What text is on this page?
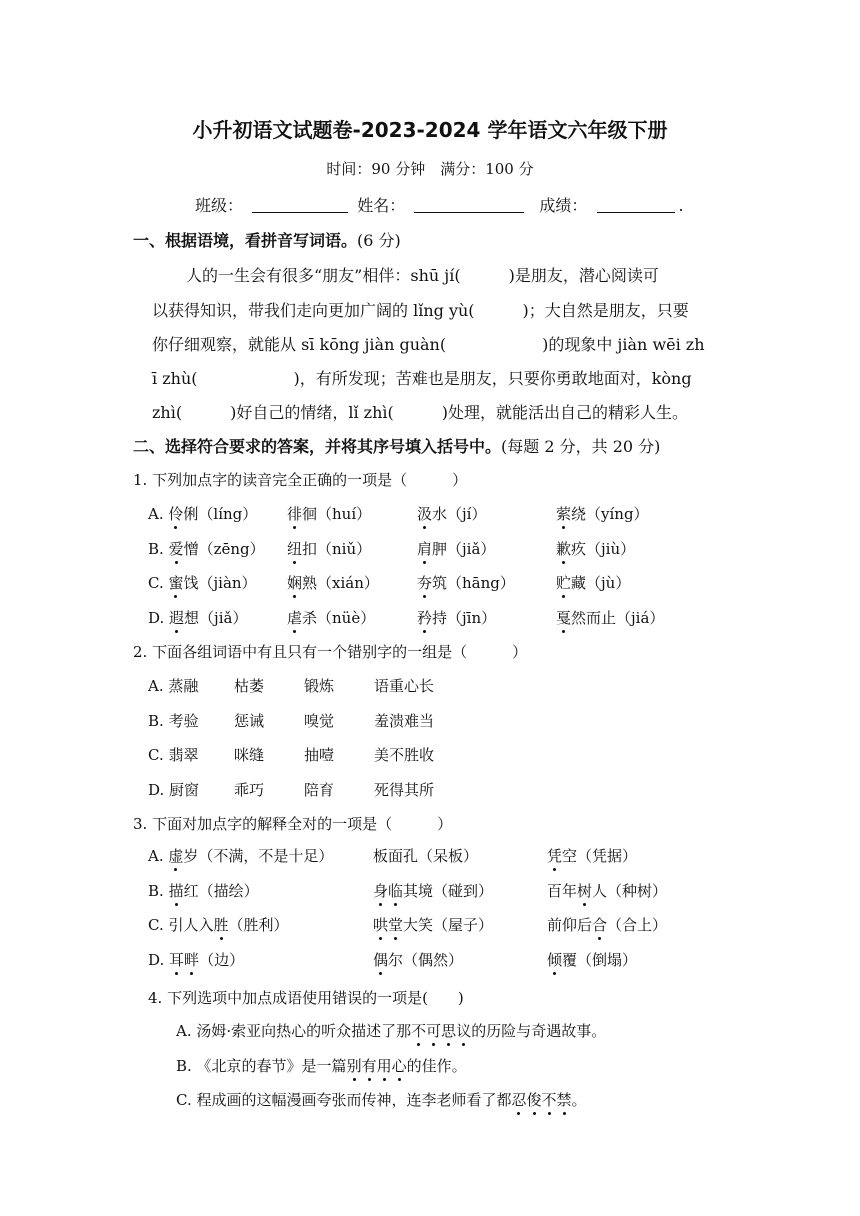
小升初语文试题卷-2023-2024 学年语文六年级下册
时间：90 分钟　满分：100 分
班级：	姓名：	成绩：	.
一、根据语境，看拼音写词语。(6 分)
人的一生会有很多“朋友”相伴：shū jí(　　　)是朋友，潜心阅读可
以获得知识，带我们走向更加广阔的 lǐng yù(　　　)；大自然是朋友，只要
你仔细观察，就能从 sī kōng jiàn guàn(　　　　　　)的现象中 jiàn wēi zh
ī zhù(　　　　　　)，有所发现；苦难也是朋友，只要你勇敢地面对，kòng
zhì(　　　)好自己的情绪，lǐ zhì(　　　)处理，就能活出自己的精彩人生。
二、选择符合要求的答案，并将其序号填入括号中。(每题 2 分，共 20 分)
1. 下列加点字的读音完全正确的一项是（　　　）
A. 伶俐（líng） 徘徊（huí）	汲水（jí）	萦绕（yíng）
B. 爱憎（zēng） 纽扣（niǔ）	肩胛（jiǎ）	歉疚（jiù）
C. 蜜饯（jiàn） 娴熟（xián）	夯筑（hāng）	贮藏（jù）
D. 遐想（jiǎ）	虐杀（nüè）	矜持（jīn）	戛然而止（jiá）
2. 下面各组词语中有且只有一个错别字的一组是（　　　）
A. 蒸融 枯萎	锻炼	语重心长
B. 考验 惩诫	嗅觉	羞溃难当
C. 翡翠 咪缝	抽噎	美不胜收
D. 厨窗 乖巧	陪育	死得其所
3. 下面对加点字的解释全对的一项是（　　　）
A. 虚岁（不满，不是十足）	板面孔（呆板）	凭空（凭据）
B. 描红（描绘）	身临其境（碰到）	百年树人（种树）
C. 引人入胜（胜利）	哄堂大笑（屋子）	前仰后合（合上）
D. 耳畔（边）	偶尔（偶然）	倾覆（倒塌）
4. 下列选项中加点成语使用错误的一项是(　　)
A. 汤姆·索亚向热心的听众描述了那不可思议的历险与奇遇故事。
B. 《北京的春节》是一篇别有用心的佳作。
C. 程成画的这幅漫画夸张而传神，连李老师看了都忍俊不禁。
